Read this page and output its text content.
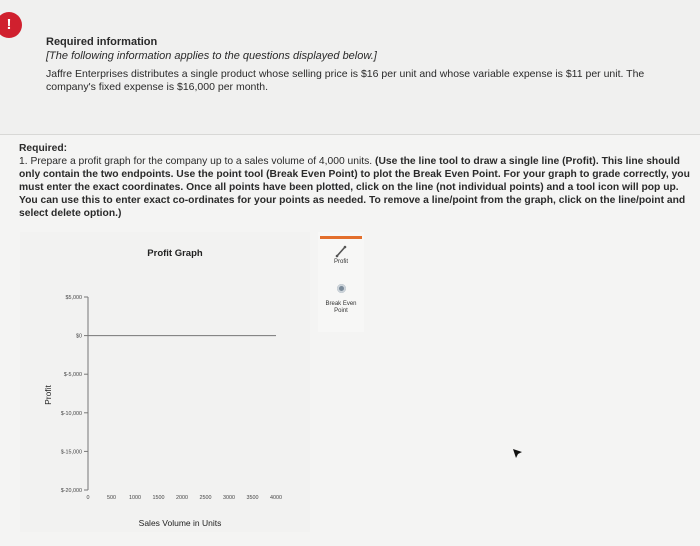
Required information
[The following information applies to the questions displayed below.]
Jaffre Enterprises distributes a single product whose selling price is $16 per unit and whose variable expense is $11 per unit. The company's fixed expense is $16,000 per month.
!
Required:
1. Prepare a profit graph for the company up to a sales volume of 4,000 units. (Use the line tool to draw a single line (Profit). This line should only contain the two endpoints. Use the point tool (Break Even Point) to plot the Break Even Point. For your graph to grade correctly, you must enter the exact coordinates. Once all points have been plotted, click on the line (not individual points) and a tool icon will pop up. You can use this to enter exact co-ordinates for your points as needed. To remove a line/point from the graph, click on the line/point and select delete option.)
Profit Graph
Sales Volume in Units
Profit
$5,000
$0
$-5,000
$-10,000
$-15,000
$-20,000
0	500 1000 1500 2000 2500 3000 3500 4000
Profit
Break Even
Point
